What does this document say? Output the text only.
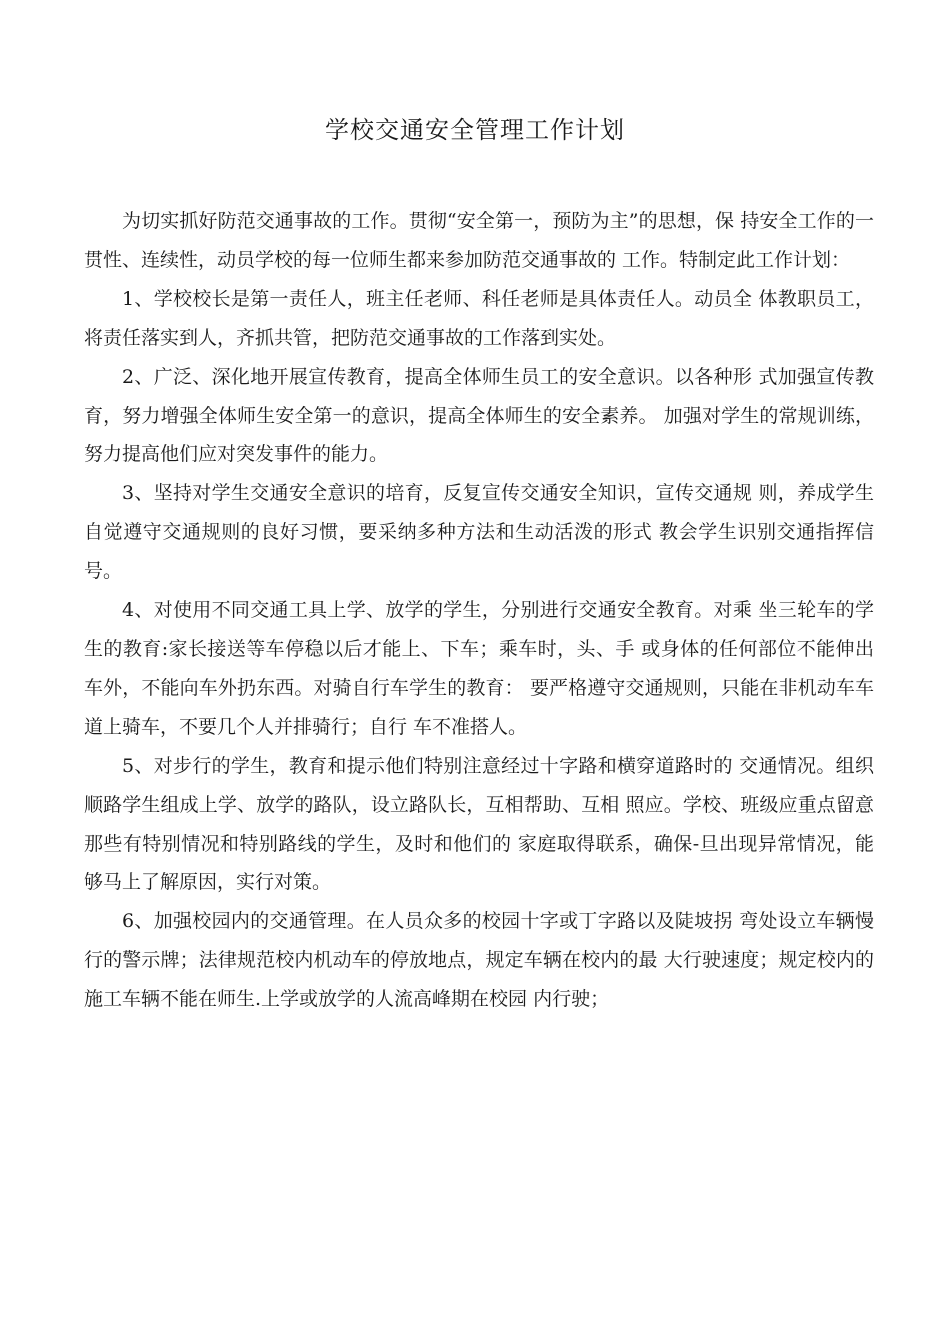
学校交通安全管理工作计划

为切实抓好防范交通事故的工作。贯彻“安全第一，预防为主”的思想，保 持安全工作的一贯性、连续性，动员学校的每一位师生都来参加防范交通事故的 工作。特制定此工作计划：

1、学校校长是第一责任人，班主任老师、科任老师是具体责任人。动员全 体教职员工，将责任落实到人，齐抓共管，把防范交通事故的工作落到实处。

2、广泛、深化地开展宣传教育，提高全体师生员工的安全意识。以各种形 式加强宣传教育，努力增强全体师生安全第一的意识，提高全体师生的安全素养。 加强对学生的常规训练，努力提高他们应对突发事件的能力。

3、坚持对学生交通安全意识的培育，反复宣传交通安全知识，宣传交通规 则，养成学生自觉遵守交通规则的良好习惯，要采纳多种方法和生动活泼的形式 教会学生识别交通指挥信号。

4、对使用不同交通工具上学、放学的学生，分别进行交通安全教育。对乘 坐三轮车的学生的教育:家长接送等车停稳以后才能上、下车；乘车时，头、手 或身体的任何部位不能伸出车外，不能向车外扔东西。对骑自行车学生的教育： 要严格遵守交通规则，只能在非机动车车道上骑车，不要几个人并排骑行；自行 车不准搭人。

5、对步行的学生，教育和提示他们特别注意经过十字路和横穿道路时的 交通情况。组织顺路学生组成上学、放学的路队，设立路队长，互相帮助、互相 照应。学校、班级应重点留意那些有特别情况和特别路线的学生，及时和他们的 家庭取得联系，确保-旦出现异常情况，能够马上了解原因，实行对策。

6、加强校园内的交通管理。在人员众多的校园十字或丁字路以及陡坡拐 弯处设立车辆慢行的警示牌；法律规范校内机动车的停放地点，规定车辆在校内的最 大行驶速度；规定校内的施工车辆不能在师生.上学或放学的人流高峰期在校园 内行驶；
